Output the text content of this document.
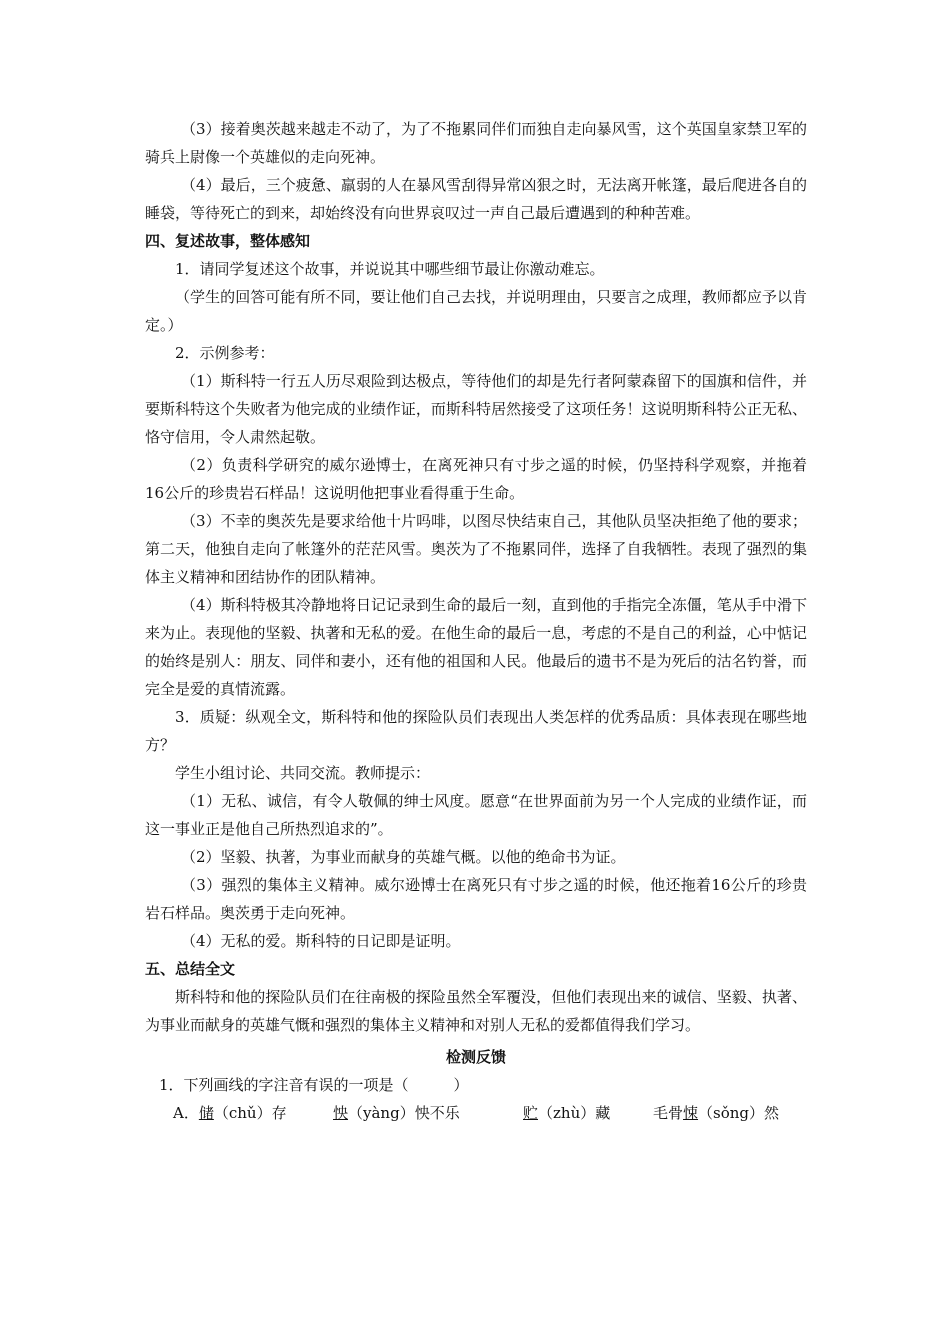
（3）接着奥茨越来越走不动了，为了不拖累同伴们而独自走向暴风雪，这个英国皇家禁卫军的骑兵上尉像一个英雄似的走向死神。

（4）最后，三个疲惫、羸弱的人在暴风雪刮得异常凶狠之时，无法离开帐篷，最后爬进各自的睡袋，等待死亡的到来，却始终没有向世界哀叹过一声自己最后遭遇到的种种苦难。

四、复述故事，整体感知

1．请同学复述这个故事，并说说其中哪些细节最让你激动难忘。

（学生的回答可能有所不同，要让他们自己去找，并说明理由，只要言之成理，教师都应予以肯定。）

2．示例参考：

（1）斯科特一行五人历尽艰险到达极点，等待他们的却是先行者阿蒙森留下的国旗和信件，并要斯科特这个失败者为他完成的业绩作证，而斯科特居然接受了这项任务！这说明斯科特公正无私、恪守信用，令人肃然起敬。

（2）负责科学研究的威尔逊博士，在离死神只有寸步之遥的时候，仍坚持科学观察，并拖着16公斤的珍贵岩石样品！这说明他把事业看得重于生命。

（3）不幸的奥茨先是要求给他十片吗啡，以图尽快结束自己，其他队员坚决拒绝了他的要求；第二天，他独自走向了帐篷外的茫茫风雪。奥茨为了不拖累同伴，选择了自我牺牲。表现了强烈的集体主义精神和团结协作的团队精神。

（4）斯科特极其冷静地将日记记录到生命的最后一刻，直到他的手指完全冻僵，笔从手中滑下来为止。表现他的坚毅、执著和无私的爱。在他生命的最后一息，考虑的不是自己的利益，心中惦记的始终是别人：朋友、同伴和妻小，还有他的祖国和人民。他最后的遗书不是为死后的沽名钓誉，而完全是爱的真情流露。

3．质疑：纵观全文，斯科特和他的探险队员们表现出人类怎样的优秀品质：具体表现在哪些地方？

学生小组讨论、共同交流。教师提示：

（1）无私、诚信，有令人敬佩的绅士风度。愿意“在世界面前为另一个人完成的业绩作证，而这一事业正是他自己所热烈追求的”。

（2）坚毅、执著，为事业而献身的英雄气概。以他的绝命书为证。

（3）强烈的集体主义精神。威尔逊博士在离死只有寸步之遥的时候，他还拖着16公斤的珍贵岩石样品。奥茨勇于走向死神。

（4）无私的爱。斯科特的日记即是证明。

五、总结全文

斯科特和他的探险队员们在往南极的探险虽然全军覆没，但他们表现出来的诚信、坚毅、执著、为事业而献身的英雄气慨和强烈的集体主义精神和对别人无私的爱都值得我们学习。

检测反馈

1．下列画线的字注音有误的一项是（　　　）

A．储（chǔ）存	怏（yàng）怏不乐	贮（zhù）藏	毛骨悚（sǒng）然
